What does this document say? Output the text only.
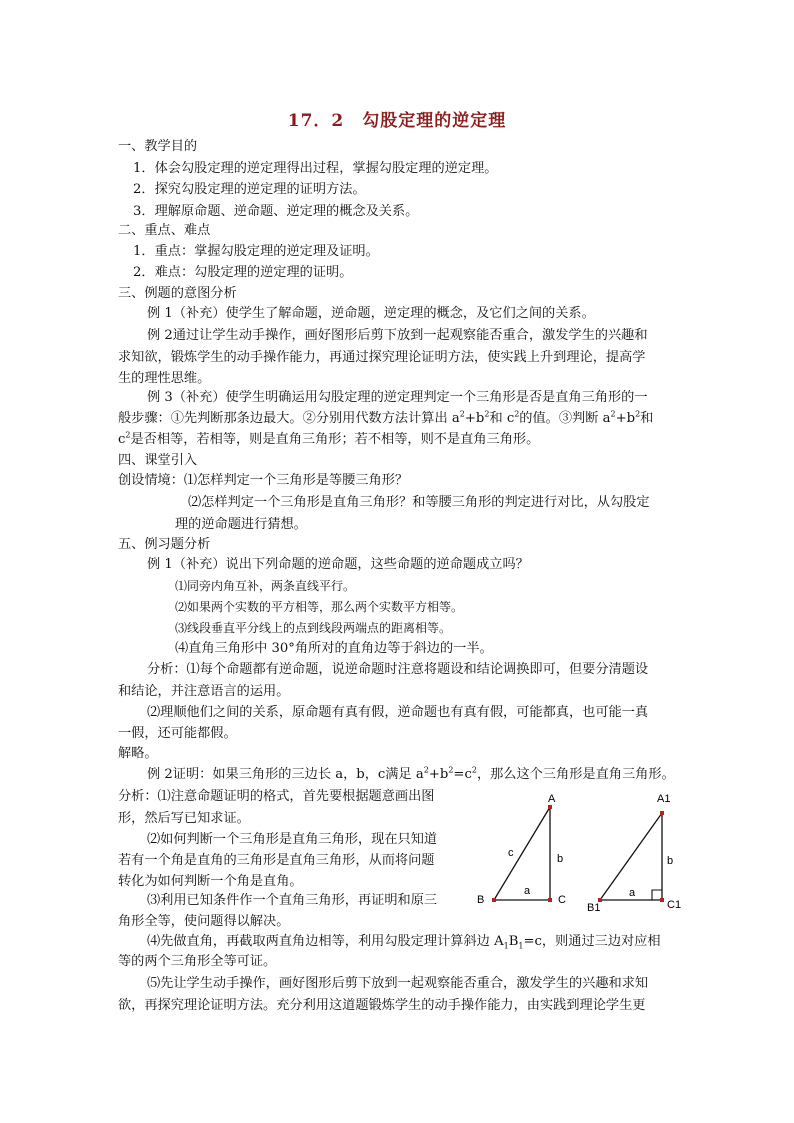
17．2　勾股定理的逆定理
一、教学目的
1．体会勾股定理的逆定理得出过程，掌握勾股定理的逆定理。
2．探究勾股定理的逆定理的证明方法。
3．理解原命题、逆命题、逆定理的概念及关系。
二、重点、难点
1．重点：掌握勾股定理的逆定理及证明。
2．难点：勾股定理的逆定理的证明。
三、例题的意图分析
例 1（补充）使学生了解命题，逆命题，逆定理的概念，及它们之间的关系。
例 2通过让学生动手操作，画好图形后剪下放到一起观察能否重合，激发学生的兴趣和
求知欲，锻炼学生的动手操作能力，再通过探究理论证明方法，使实践上升到理论，提高学
生的理性思维。
例 3（补充）使学生明确运用勾股定理的逆定理判定一个三角形是否是直角三角形的一
般步骤：①先判断那条边最大。②分别用代数方法计算出 $a^2+b^2$和 $c^2$的值。③判断 $a^2+b^2$和
$c^2$是否相等，若相等，则是直角三角形；若不相等，则不是直角三角形。
四、课堂引入
创设情境：⑴怎样判定一个三角形是等腰三角形？
⑵怎样判定一个三角形是直角三角形？和等腰三角形的判定进行对比，从勾股定
理的逆命题进行猜想。
五、例习题分析
例 1（补充）说出下列命题的逆命题，这些命题的逆命题成立吗？
⑴同旁内角互补，两条直线平行。
⑵如果两个实数的平方相等，那么两个实数平方相等。
⑶线段垂直平分线上的点到线段两端点的距离相等。
⑷直角三角形中 30°角所对的直角边等于斜边的一半。
分析：⑴每个命题都有逆命题，说逆命题时注意将题设和结论调换即可，但要分清题设
和结论，并注意语言的运用。
⑵理顺他们之间的关系，原命题有真有假，逆命题也有真有假，可能都真，也可能一真
一假，还可能都假。
解略。
例 2证明：如果三角形的三边长 a，b，c满足 $a^2+b^2=c^2$，那么这个三角形是直角三角形。
分析：⑴注意命题证明的格式，首先要根据题意画出图
形，然后写已知求证。
⑵如何判断一个三角形是直角三角形，现在只知道
若有一个角是直角的三角形是直角三角形，从而将问题
转化为如何判断一个角是直角。
⑶利用已知条件作一个直角三角形，再证明和原三
角形全等，使问题得以解决。
⑷先做直角，再截取两直角边相等，利用勾股定理计算斜边 $A_1B_1=c$，则通过三边对应相
等的两个三角形全等可证。
⑸先让学生动手操作，画好图形后剪下放到一起观察能否重合，激发学生的兴趣和求知
欲，再探究理论证明方法。充分利用这道题锻炼学生的动手操作能力，由实践到理论学生更
A
B	C
a
b
c
A1
B1	C1
a
b
